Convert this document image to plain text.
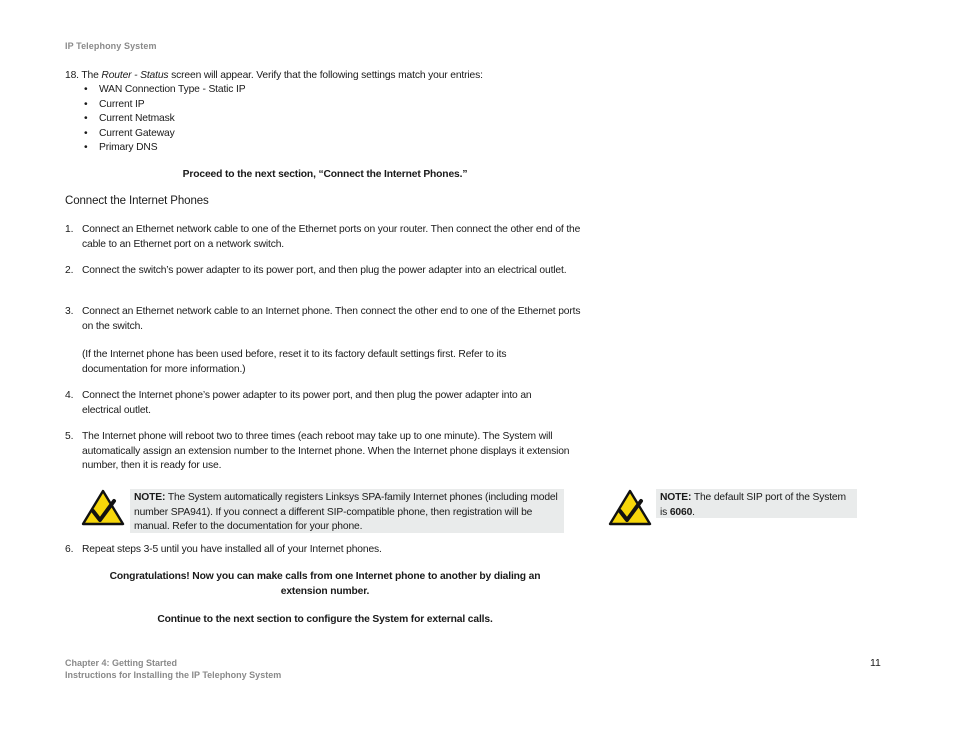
IP Telephony System
18. The Router - Status screen will appear. Verify that the following settings match your entries:
• WAN Connection Type - Static IP
• Current IP
• Current Netmask
• Current Gateway
• Primary DNS
Proceed to the next section, “Connect the Internet Phones.”
Connect the Internet Phones
1. Connect an Ethernet network cable to one of the Ethernet ports on your router. Then connect the other end of the cable to an Ethernet port on a network switch.
2. Connect the switch’s power adapter to its power port, and then plug the power adapter into an electrical outlet.
3. Connect an Ethernet network cable to an Internet phone. Then connect the other end to one of the Ethernet ports on the switch.
(If the Internet phone has been used before, reset it to its factory default settings first. Refer to its documentation for more information.)
4. Connect the Internet phone’s power adapter to its power port, and then plug the power adapter into an electrical outlet.
5. The Internet phone will reboot two to three times (each reboot may take up to one minute). The System will automatically assign an extension number to the Internet phone. When the Internet phone displays it extension number, then it is ready for use.
NOTE: The System automatically registers Linksys SPA-family Internet phones (including model number SPA941). If you connect a different SIP-compatible phone, then registration will be manual. Refer to the documentation for your phone.
NOTE: The default SIP port of the System is 6060.
6. Repeat steps 3-5 until you have installed all of your Internet phones.
Congratulations! Now you can make calls from one Internet phone to another by dialing an extension number.
Continue to the next section to configure the System for external calls.
Chapter 4: Getting Started
Instructions for Installing the IP Telephony System
11
